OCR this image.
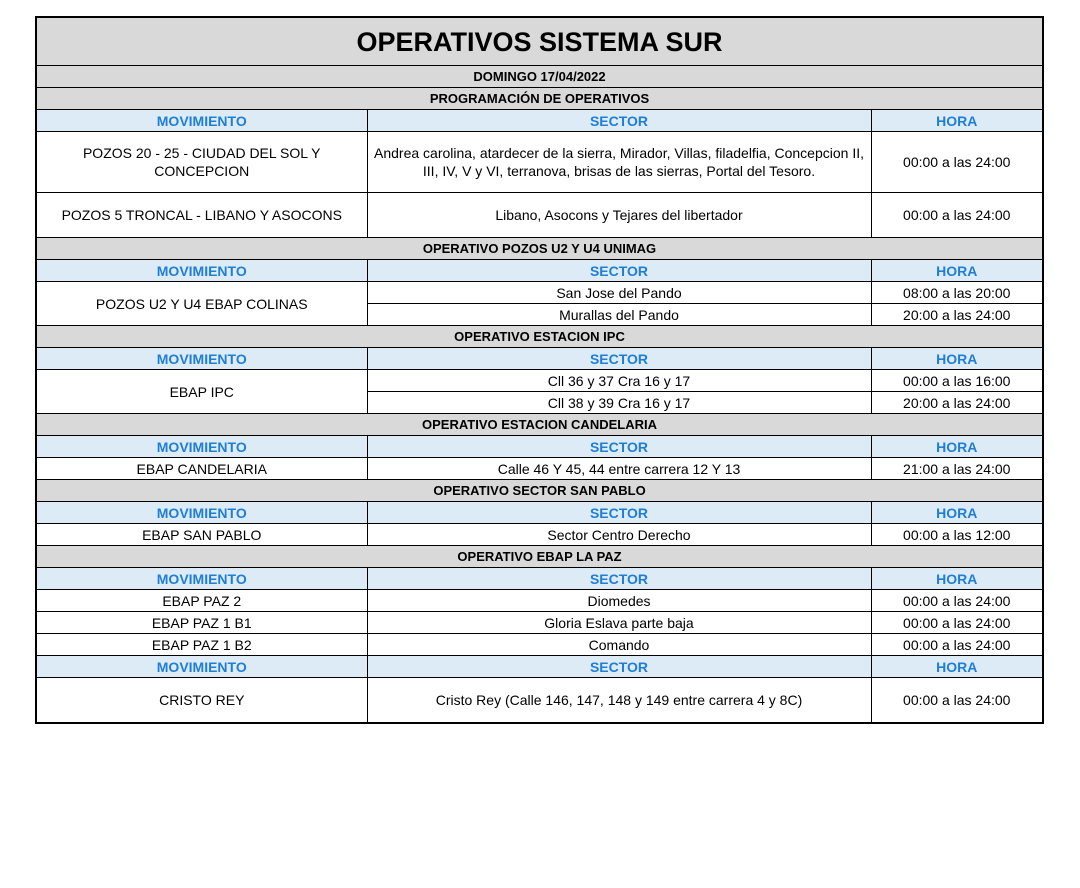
OPERATIVOS SISTEMA SUR		
DOMINGO 17/04/2022		
PROGRAMACIÓN DE OPERATIVOS		
MOVIMIENTO	SECTOR	HORA
POZOS 20 - 25 - CIUDAD DEL SOL Y CONCEPCION	Andrea carolina, atardecer de la sierra, Mirador, Villas, filadelfia, Concepcion II, III, IV, V y VI, terranova, brisas de las sierras, Portal del Tesoro.	00:00 a las 24:00
POZOS 5 TRONCAL - LIBANO Y ASOCONS	Libano, Asocons y Tejares del libertador	00:00 a las 24:00
OPERATIVO POZOS U2 Y U4 UNIMAG		
MOVIMIENTO	SECTOR	HORA
POZOS U2 Y U4 EBAP COLINAS	San Jose del Pando	08:00 a las 20:00
	Murallas del Pando	20:00 a las 24:00
OPERATIVO ESTACION IPC		
MOVIMIENTO	SECTOR	HORA
EBAP IPC	Cll 36 y 37 Cra 16 y 17	00:00 a las 16:00
	Cll 38 y 39 Cra 16 y 17	20:00 a las 24:00
OPERATIVO ESTACION CANDELARIA		
MOVIMIENTO	SECTOR	HORA
EBAP CANDELARIA	Calle 46 Y 45, 44 entre carrera 12 Y 13	21:00 a las 24:00
OPERATIVO SECTOR SAN PABLO		
MOVIMIENTO	SECTOR	HORA
EBAP SAN PABLO	Sector Centro Derecho	00:00 a las 12:00
OPERATIVO EBAP LA PAZ		
MOVIMIENTO	SECTOR	HORA
EBAP PAZ 2	Diomedes	00:00 a las 24:00
EBAP PAZ 1 B1	Gloria Eslava parte baja	00:00 a las 24:00
EBAP PAZ 1 B2	Comando	00:00 a las 24:00
MOVIMIENTO	SECTOR	HORA
CRISTO REY	Cristo Rey (Calle 146, 147, 148 y 149 entre carrera 4 y 8C)	00:00 a las 24:00
